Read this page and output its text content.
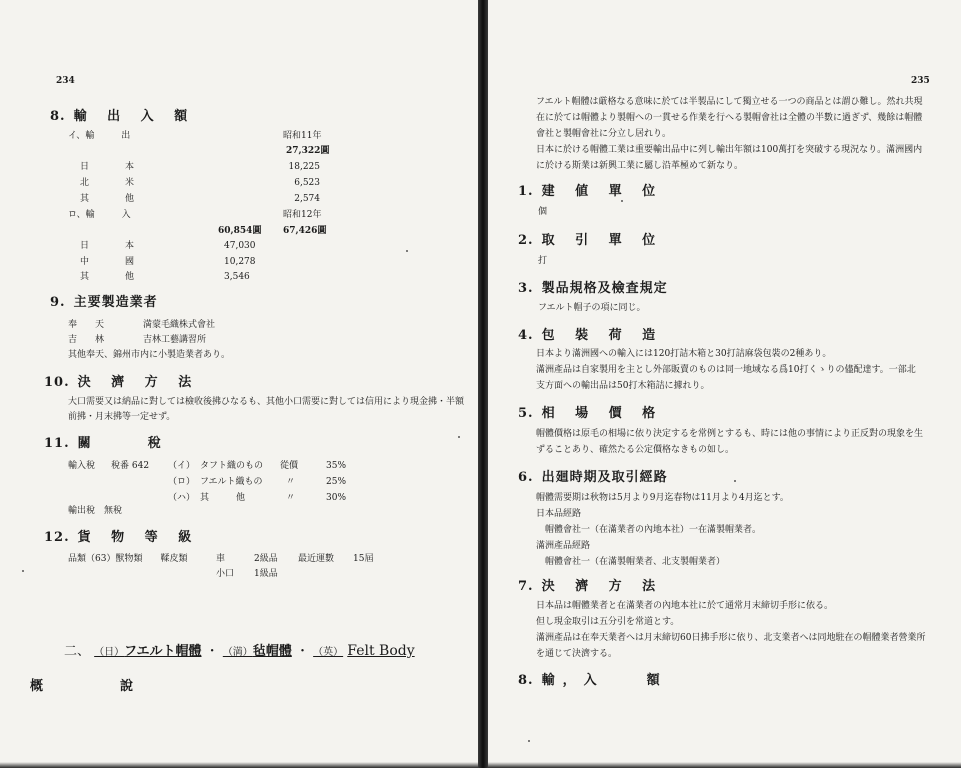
234
8. 輸 出 入 額
イ、輸　　　出	昭和11年
27,322圓
日　　　　本	18,225
北　　　　米	6,523
其　　　　他	2,574
ロ、輸　　　入	昭和12年
60,854圓 67,426圓
日　　　　本	47,030
中　　　　國	10,278
其　　　　他	3,546
9. 主要製造業者
奉　　天	満蒙毛織株式會社
吉　　林	吉林工藝講習所
其他奉天、錦州市内に小製造業者あり。
10. 決 濟 方 法
大口需要又は納品に對しては檢收後拂ひなるも、其他小口需要に對しては信用により現金拂・半額
前拂・月末拂等一定せず。
11. 關　　　　稅
輸入稅 稅番 642 （イ） タフト織のもの 從價	35%
（ロ） フエルト織もの	〃	25%
（ハ） 其　　　他	〃	30%
輸出稅　無稅
12. 貨 物 等 級
品類（63）獸物類　　鞣皮類	車	2級品 最近運數 15屆
小口 1級品
二、 （日）フエルト帽體 ・ （満）毡帽體 ・ （英） Felt Body
概	說
235
フエルト帽體は厳格なる意味に於ては半製品にして獨立せる一つの商品とは謂ひ難し。然れ共現
在に於ては帽體より製帽への一貫せる作業を行へる製帽會社は全體の半數に過ぎず、幾餘は帽體
會社と製帽會社に分立し居れり。
日本に於ける帽體工業は重要輸出品中に列し輸出年額は100萬打を突破する現況なり。滿洲國内
に於ける斯業は新興工業に屬し沿革極めて新なり。
1. 建 値 單 位
個
2. 取 引 單 位
打
3. 製品規格及檢査規定
フエルト帽子の項に同じ。
4. 包 裝 荷 造
日本より滿洲國への輸入には120打詰木箱と30打詰麻袋包裝の2種あり。
滿洲產品は自家製用を主とし外部販賣のものは同一地域なる爲10打くゝりの儘配達す。一部北
支方面への輸出品は50打木箱詰に據れり。
5. 相 場 價 格
帽體價格は原毛の相場に依り決定するを常例とするも、時には他の事情により正反對の現象を生
ずることあり、確然たる公定價格なきもの如し。
6. 出廻時期及取引經路
帽體需要期は秋物は5月より9月迄春物は11月より4月迄とす。
日本品經路
　帽體會社一（在滿業者の內地本社）一在滿製帽業者。
滿洲產品經路
　帽體會社一（在滿製帽業者、北支製帽業者）
7. 決 濟 方 法
日本品は帽體業者と在滿業者の內地本社に於て通常月末締切手形に依る。
但し現金取引は五分引を常道とす。
滿洲產品は在奉天業者へは月末締切60日拂手形に依り、北支業者へは同地駐在の帽體業者營業所
を通じて決濟する。
8. 輸，入　　額
